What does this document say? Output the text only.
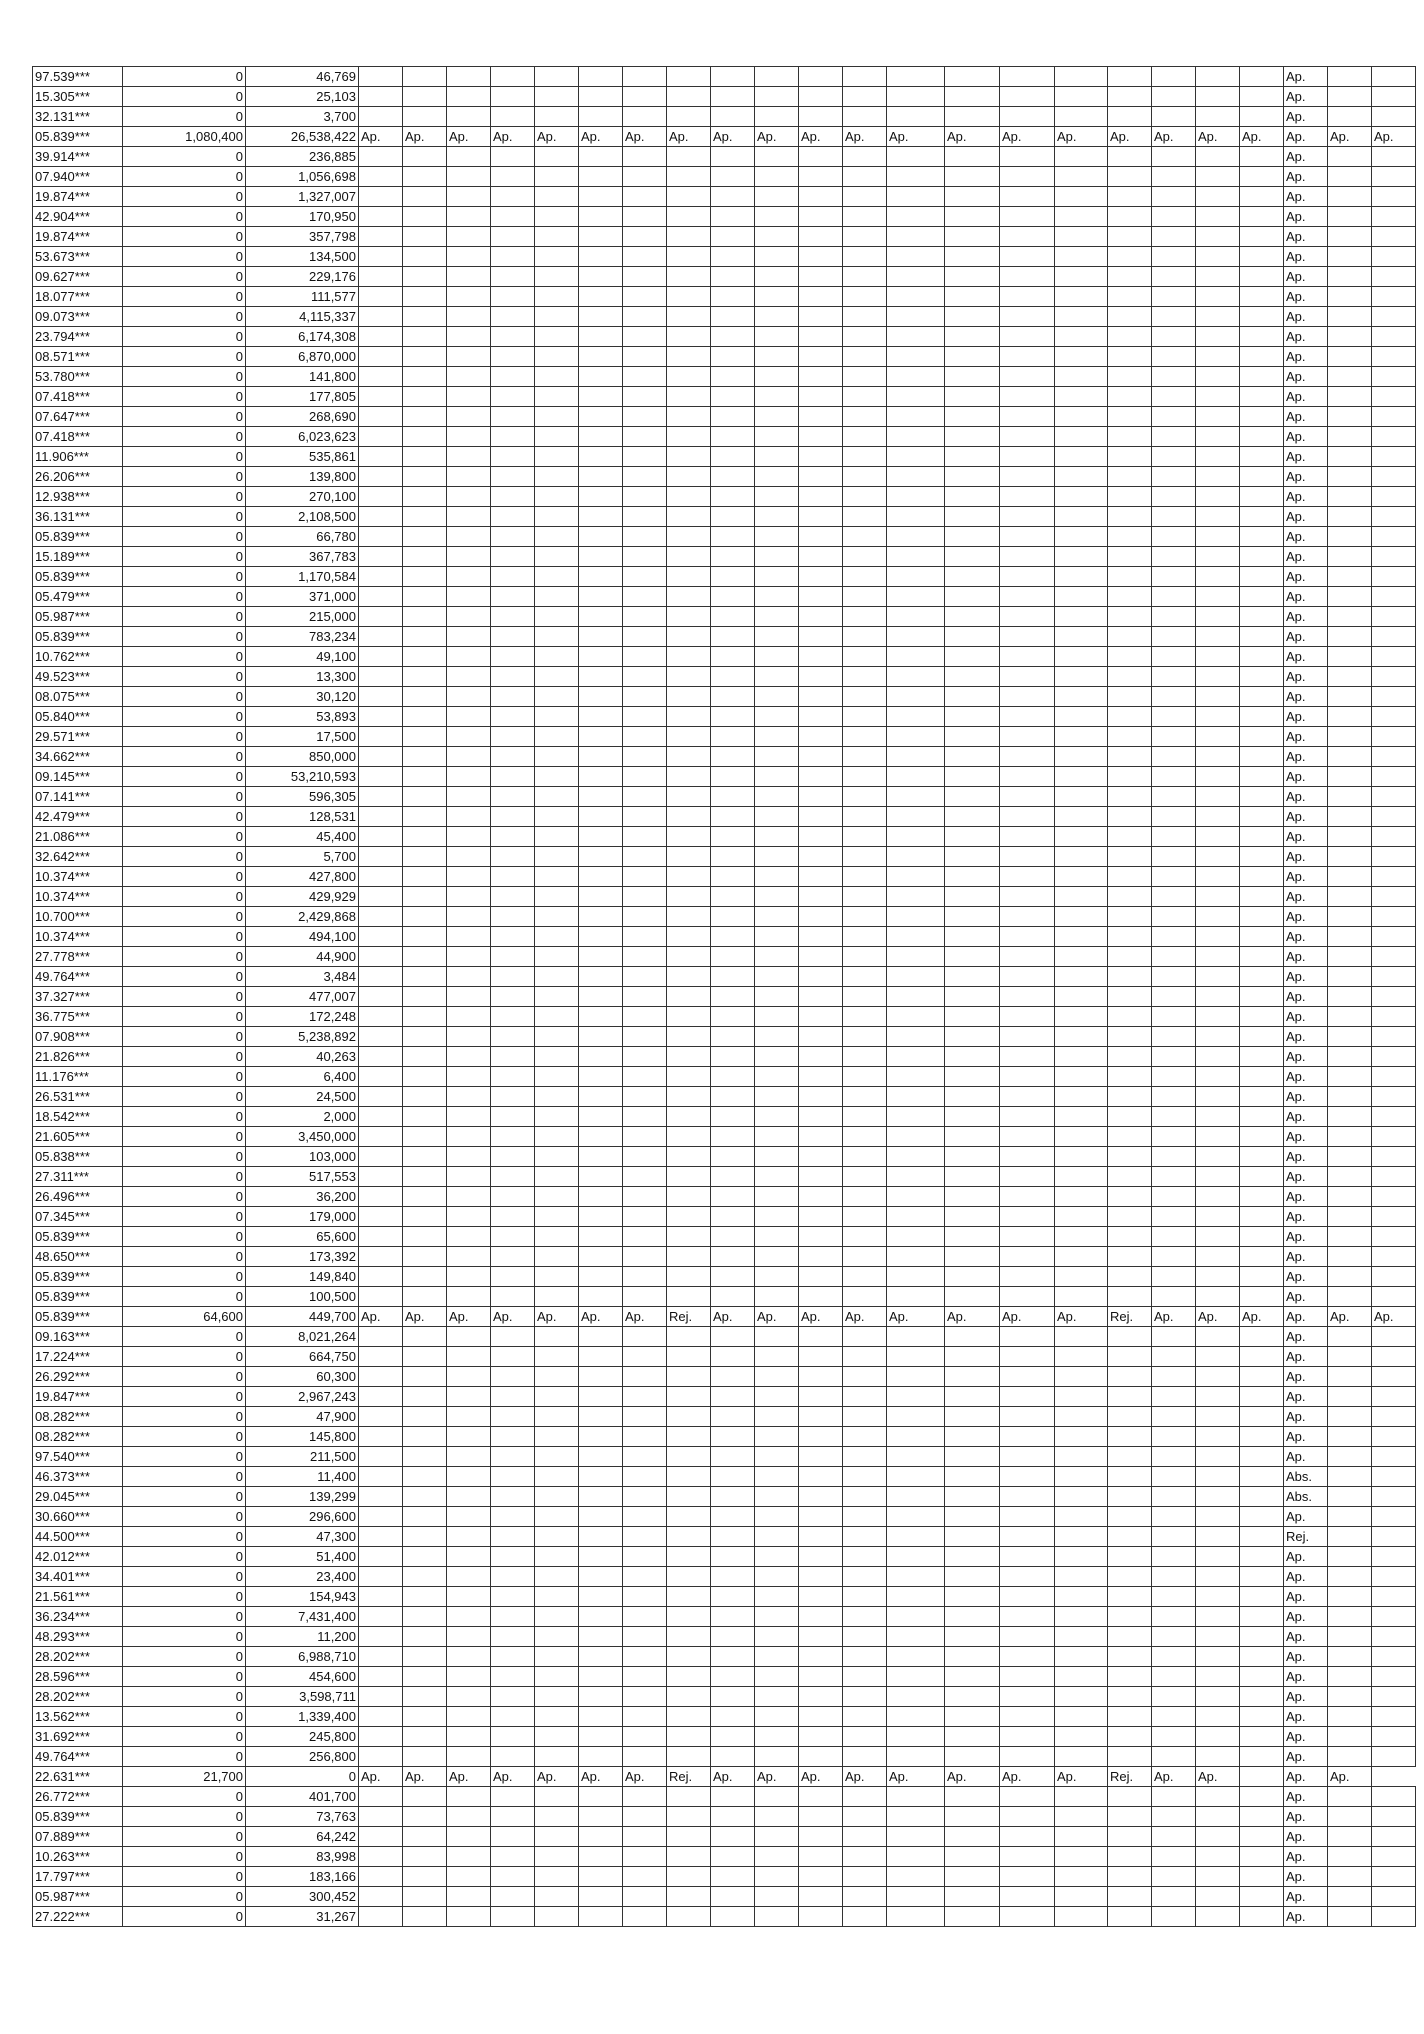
97.539***	0	46,769																					Ap.		
15.305***	0	25,103																					Ap.		
32.131***	0	3,700																					Ap.		
05.839***	1,080,400	26,538,422	Ap.	Ap.	Ap.	Ap.	Ap.	Ap.	Ap.	Ap.	Ap.	Ap.	Ap.	Ap.	Ap.	Ap.	Ap.	Ap.	Ap.	Ap.	Ap.	Ap.	Ap.	Ap.	Ap.
39.914***	0	236,885																					Ap.		
07.940***	0	1,056,698																					Ap.		
19.874***	0	1,327,007																					Ap.		
42.904***	0	170,950																					Ap.		
19.874***	0	357,798																					Ap.		
53.673***	0	134,500																					Ap.		
09.627***	0	229,176																					Ap.		
18.077***	0	111,577																					Ap.		
09.073***	0	4,115,337																					Ap.		
23.794***	0	6,174,308																					Ap.		
08.571***	0	6,870,000																					Ap.		
53.780***	0	141,800																					Ap.		
07.418***	0	177,805																					Ap.		
07.647***	0	268,690																					Ap.		
07.418***	0	6,023,623																					Ap.		
11.906***	0	535,861																					Ap.		
26.206***	0	139,800																					Ap.		
12.938***	0	270,100																					Ap.		
36.131***	0	2,108,500																					Ap.		
05.839***	0	66,780																					Ap.		
15.189***	0	367,783																					Ap.		
05.839***	0	1,170,584																					Ap.		
05.479***	0	371,000																					Ap.		
05.987***	0	215,000																					Ap.		
05.839***	0	783,234																					Ap.		
10.762***	0	49,100																					Ap.		
49.523***	0	13,300																					Ap.		
08.075***	0	30,120																					Ap.		
05.840***	0	53,893																					Ap.		
29.571***	0	17,500																					Ap.		
34.662***	0	850,000																					Ap.		
09.145***	0	53,210,593																					Ap.		
07.141***	0	596,305																					Ap.		
42.479***	0	128,531																					Ap.		
21.086***	0	45,400																					Ap.		
32.642***	0	5,700																					Ap.		
10.374***	0	427,800																					Ap.		
10.374***	0	429,929																					Ap.		
10.700***	0	2,429,868																					Ap.		
10.374***	0	494,100																					Ap.		
27.778***	0	44,900																					Ap.		
49.764***	0	3,484																					Ap.		
37.327***	0	477,007																					Ap.		
36.775***	0	172,248																					Ap.		
07.908***	0	5,238,892																					Ap.		
21.826***	0	40,263																					Ap.		
11.176***	0	6,400																					Ap.		
26.531***	0	24,500																					Ap.		
18.542***	0	2,000																					Ap.		
21.605***	0	3,450,000																					Ap.		
05.838***	0	103,000																					Ap.		
27.311***	0	517,553																					Ap.		
26.496***	0	36,200																					Ap.		
07.345***	0	179,000																					Ap.		
05.839***	0	65,600																					Ap.		
48.650***	0	173,392																					Ap.		
05.839***	0	149,840																					Ap.		
05.839***	0	100,500																					Ap.		
05.839***	64,600	449,700	Ap.	Ap.	Ap.	Ap.	Ap.	Ap.	Ap.	Rej.	Ap.	Ap.	Ap.	Ap.	Ap.	Ap.	Ap.	Ap.	Rej.	Ap.	Ap.	Ap.	Ap.	Ap.	Ap.
09.163***	0	8,021,264																					Ap.		
17.224***	0	664,750																					Ap.		
26.292***	0	60,300																					Ap.		
19.847***	0	2,967,243																					Ap.		
08.282***	0	47,900																					Ap.		
08.282***	0	145,800																					Ap.		
97.540***	0	211,500																					Ap.		
46.373***	0	11,400																					Abs.		
29.045***	0	139,299																					Abs.		
30.660***	0	296,600																					Ap.		
44.500***	0	47,300																					Rej.		
42.012***	0	51,400																					Ap.		
34.401***	0	23,400																					Ap.		
21.561***	0	154,943																					Ap.		
36.234***	0	7,431,400																					Ap.		
48.293***	0	11,200																					Ap.		
28.202***	0	6,988,710																					Ap.		
28.596***	0	454,600																					Ap.		
28.202***	0	3,598,711																					Ap.		
13.562***	0	1,339,400																					Ap.		
31.692***	0	245,800																					Ap.		
49.764***	0	256,800																					Ap.		
22.631***	21,700	0	Ap.	Ap.	Ap.	Ap.	Ap.	Ap.	Ap.	Rej.	Ap.	Ap.	Ap.	Ap.	Ap.	Ap.	Ap.	Ap.	Rej.	Ap.	Ap.		Ap.	Ap.	
26.772***	0	401,700																					Ap.		
05.839***	0	73,763																					Ap.		
07.889***	0	64,242																					Ap.		
10.263***	0	83,998																					Ap.		
17.797***	0	183,166																					Ap.		
05.987***	0	300,452																					Ap.		
27.222***	0	31,267																					Ap.		
